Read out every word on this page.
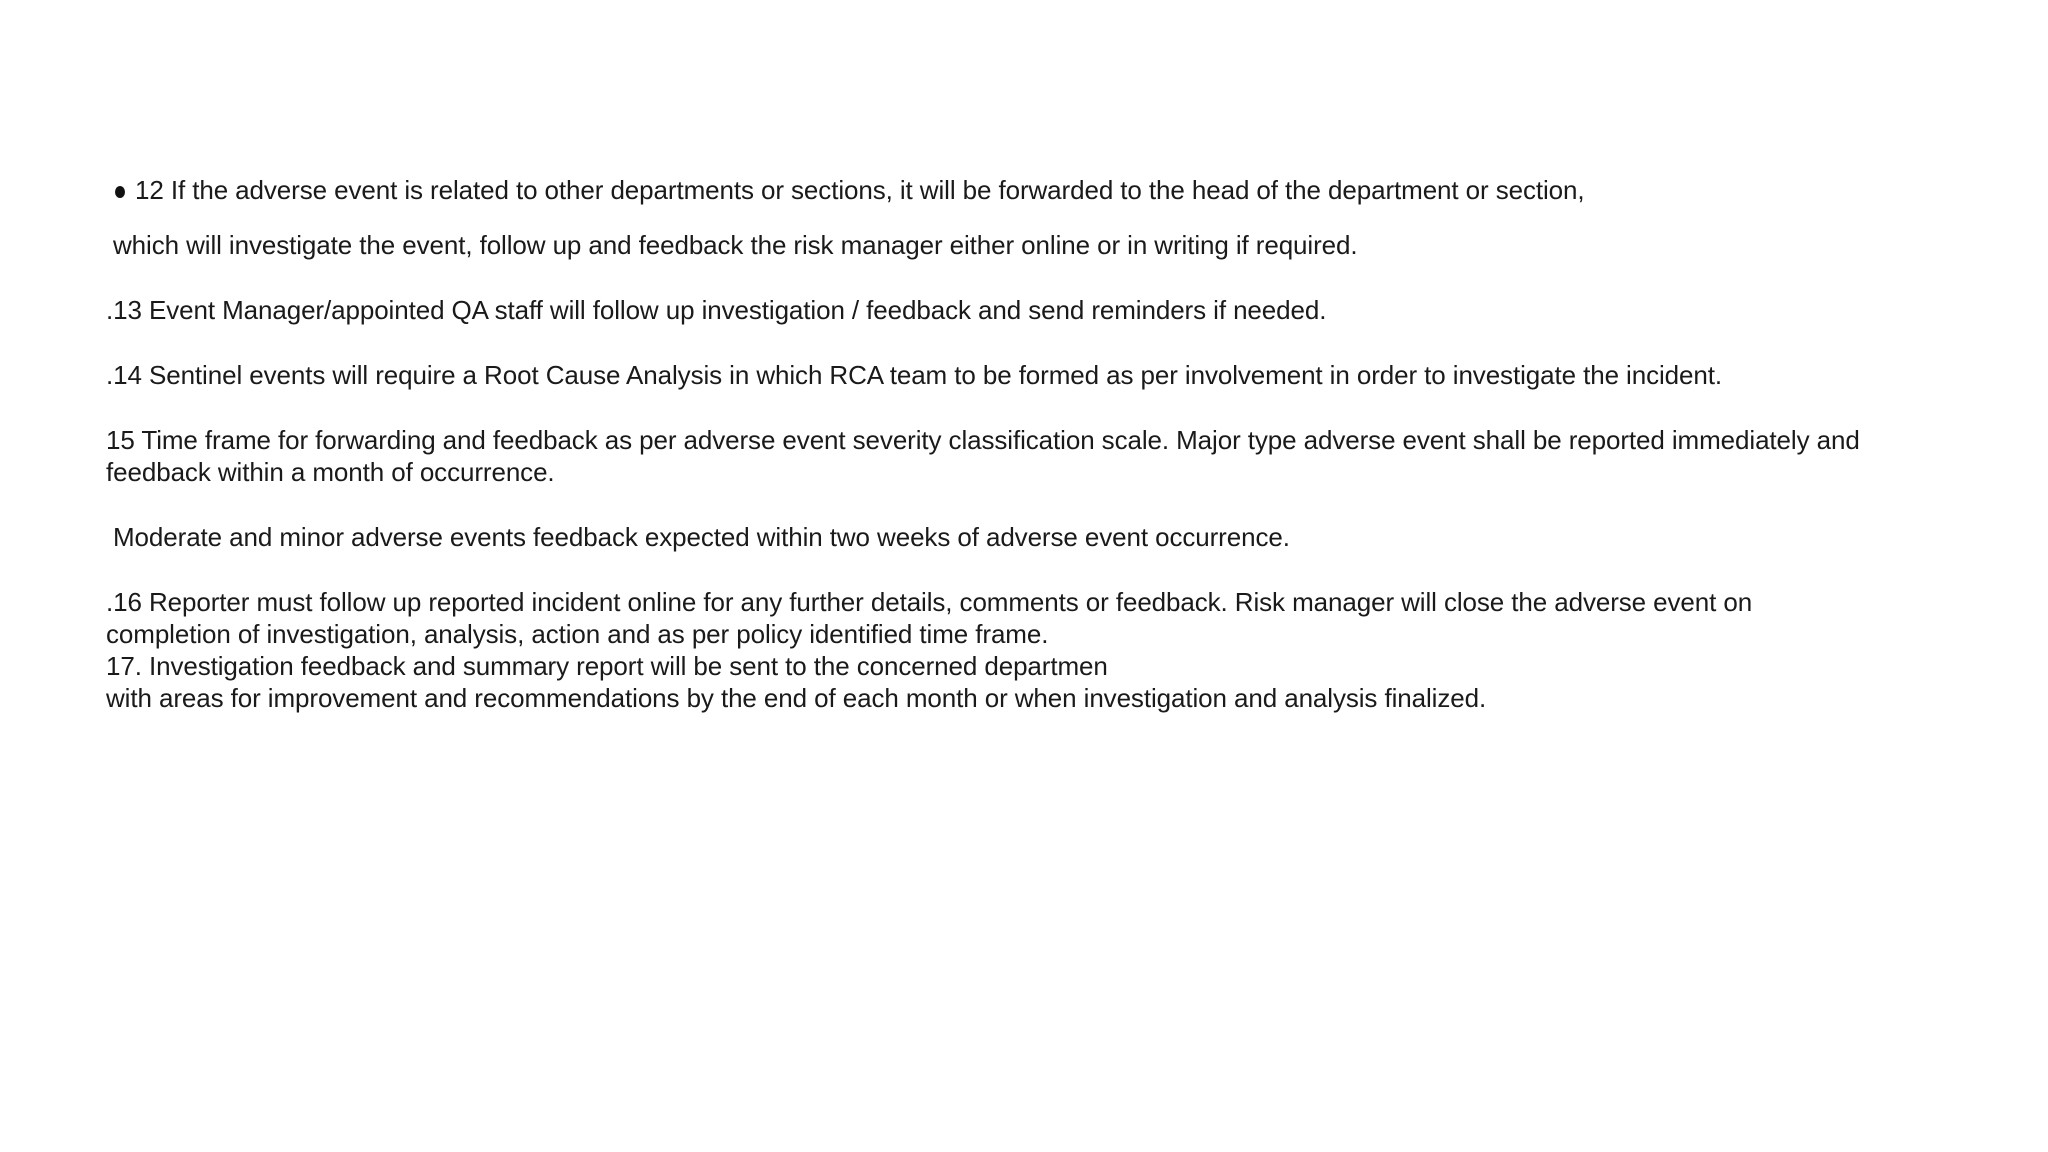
12 If the adverse event is related to other departments or sections, it will be forwarded to the head of the department or section,
which will investigate the event, follow up and feedback the risk manager either online or in writing if required.
.13 Event Manager/appointed QA staff will follow up investigation / feedback and send reminders if needed.
.14 Sentinel events will require a Root Cause Analysis in which RCA team to be formed as per involvement in order to investigate the incident.
15 Time frame for forwarding and feedback as per adverse event severity classification scale. Major type adverse event shall be reported immediately and
feedback within a month of occurrence.
Moderate and minor adverse events feedback expected within two weeks of adverse event occurrence.
.16 Reporter must follow up reported incident online for any further details, comments or feedback. Risk manager will close the adverse event on
completion of investigation, analysis, action and as per policy identified time frame.
17. Investigation feedback and summary report will be sent to the concerned departmen
with areas for improvement and recommendations by the end of each month or when investigation and analysis finalized.
